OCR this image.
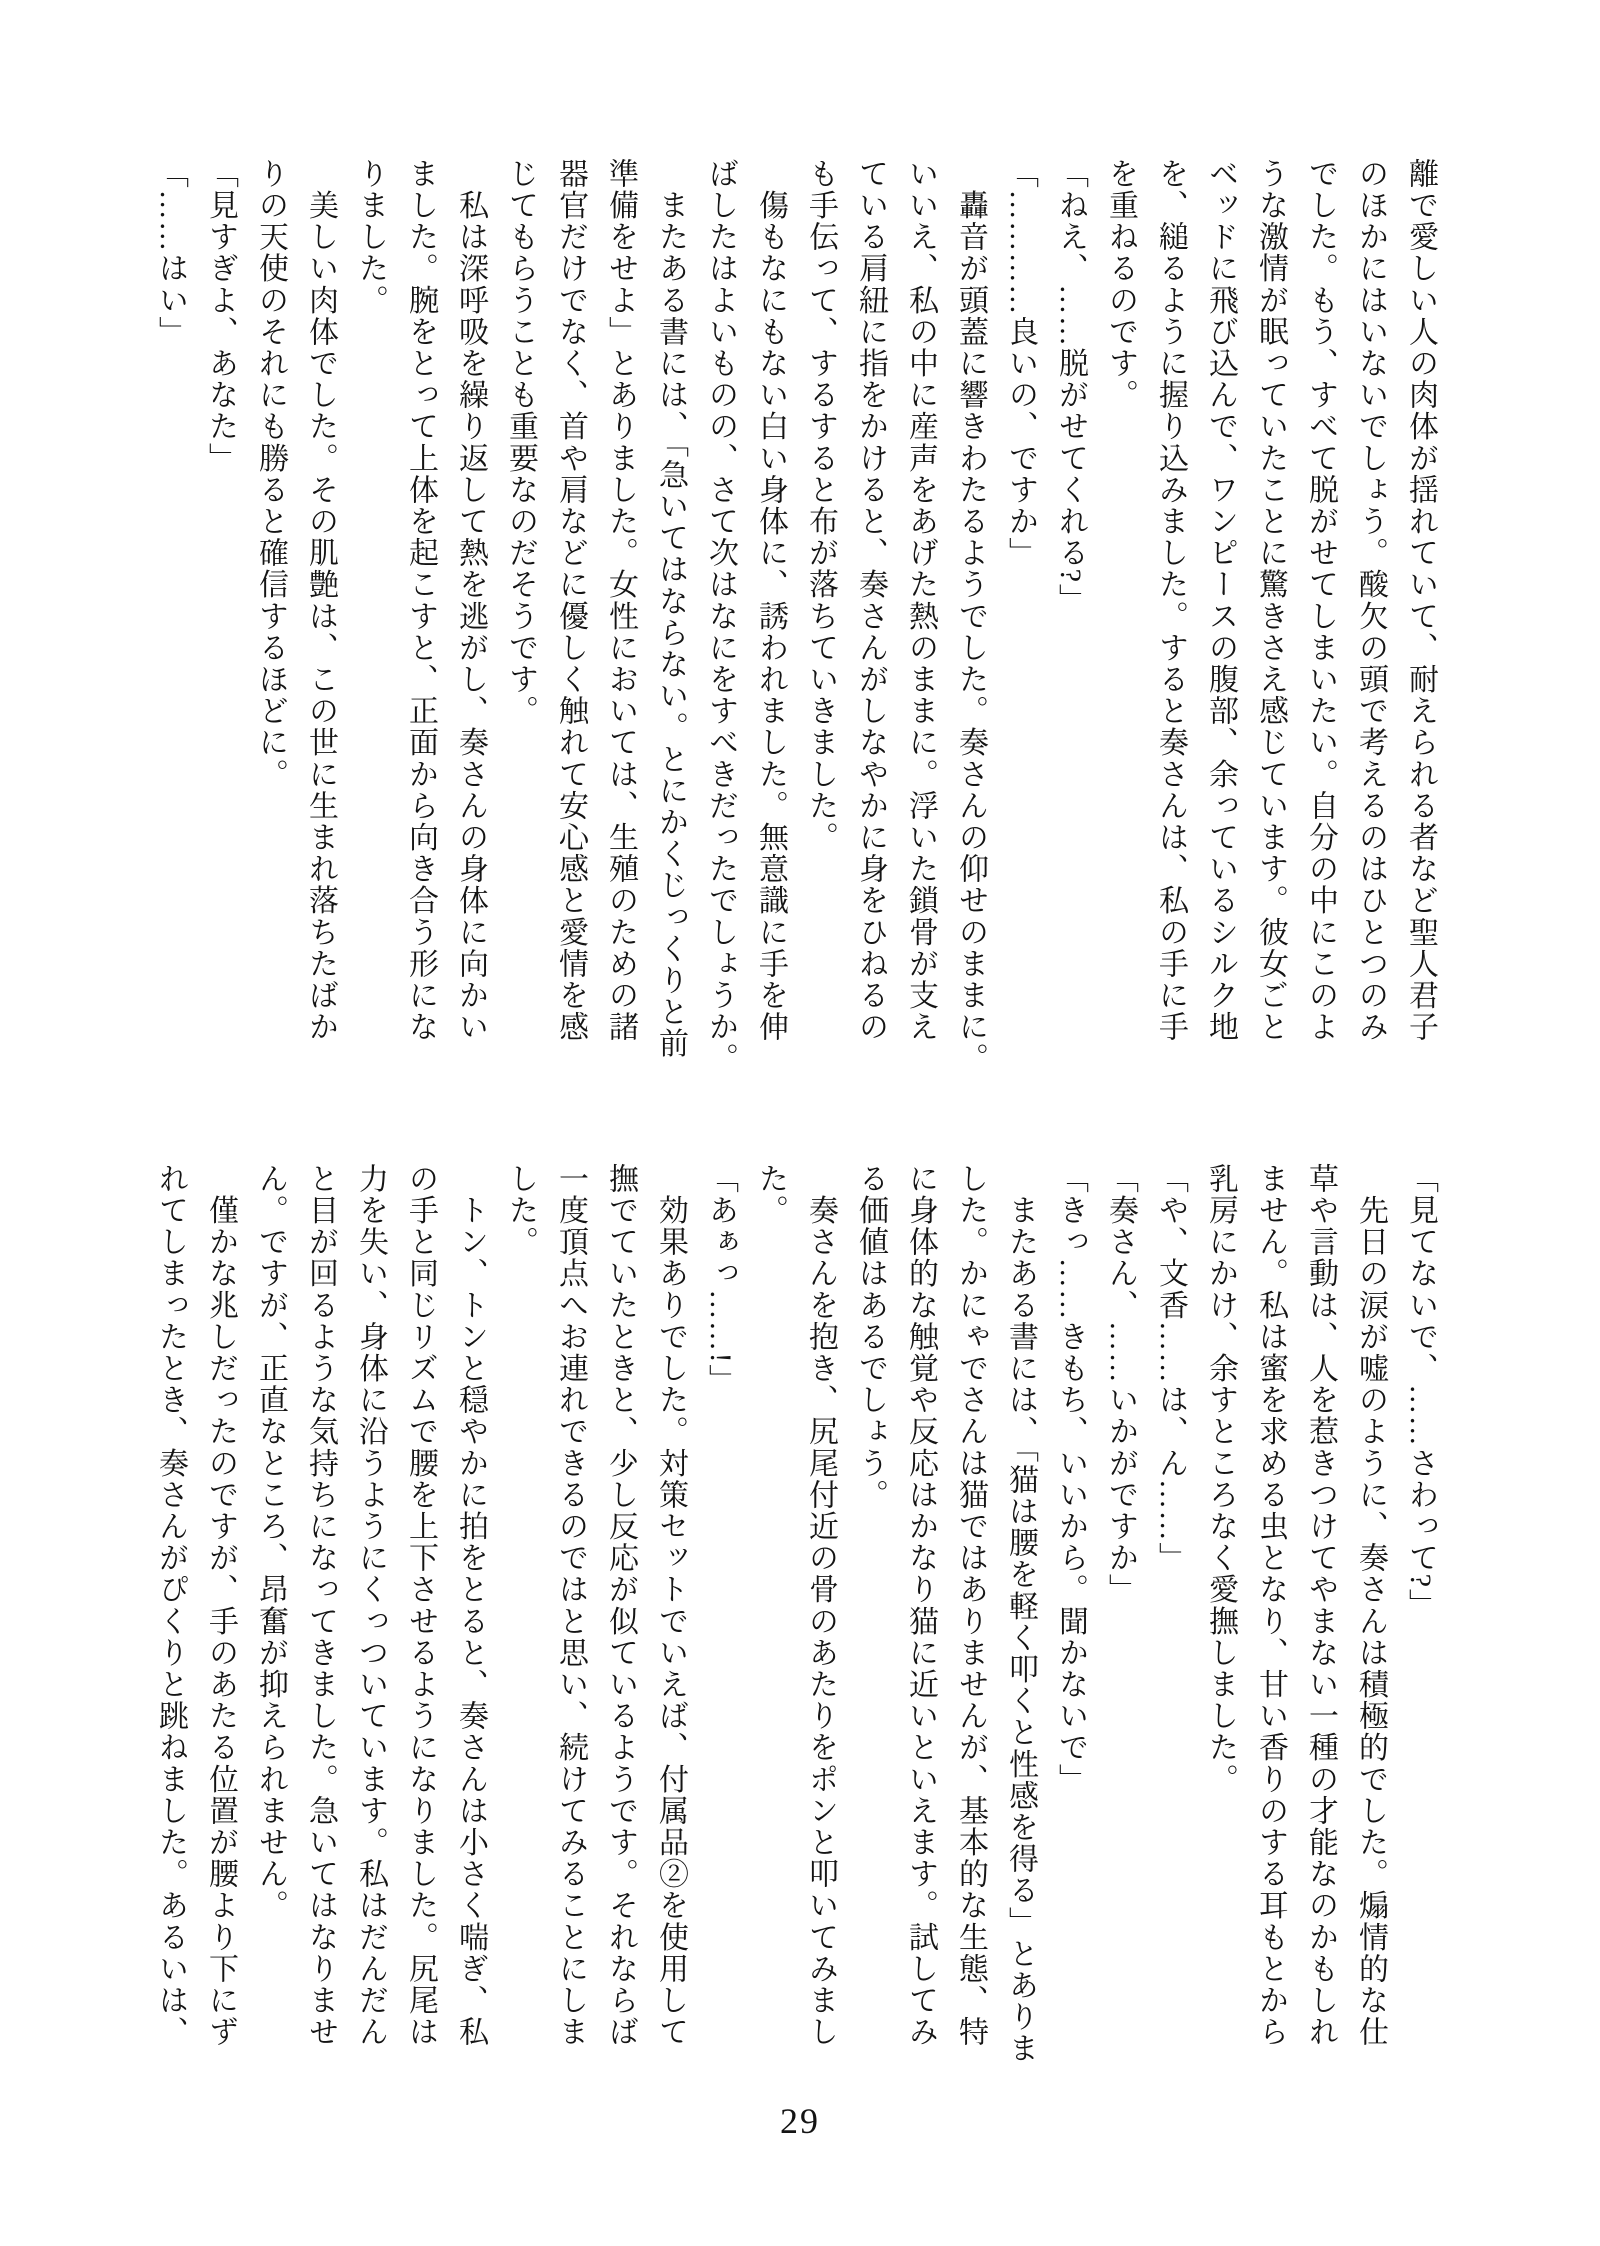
離で愛しい人の肉体が揺れていて、耐えられる者など聖人君子

のほかにはいないでしょう。酸欠の頭で考えるのはひとつのみ

でした。もう、すべて脱がせてしまいたい。自分の中にこのよ

うな激情が眠っていたことに驚きさえ感じています。彼女ごと

ベッドに飛び込んで、ワンピースの腹部、余っているシルク地

を、縋るように握り込みました。すると奏さんは、私の手に手

を重ねるのです。

「ねえ、……脱がせてくれる?」

「…………良いの、ですか」

　轟音が頭蓋に響きわたるようでした。奏さんの仰せのままに。

いいえ、私の中に産声をあげた熱のままに。浮いた鎖骨が支え

ている肩紐に指をかけると、奏さんがしなやかに身をひねるの

も手伝って、するすると布が落ちていきました。

　傷もなにもない白い身体に、誘われました。無意識に手を伸

ばしたはよいものの、さて次はなにをすべきだったでしょうか。

　またある書には、「急いてはならない。とにかくじっくりと前

準備をせよ」とありました。女性においては、生殖のための諸

器官だけでなく、首や肩などに優しく触れて安心感と愛情を感

じてもらうことも重要なのだそうです。

　私は深呼吸を繰り返して熱を逃がし、奏さんの身体に向かい

ました。腕をとって上体を起こすと、正面から向き合う形にな

りました。

　美しい肉体でした。その肌艶は、この世に生まれ落ちたばか

りの天使のそれにも勝ると確信するほどに。

「見すぎよ、あなた」

「……はい」

「見てないで、……さわって?」

　先日の涙が嘘のように、奏さんは積極的でした。煽情的な仕

草や言動は、人を惹きつけてやまない一種の才能なのかもしれ

ません。私は蜜を求める虫となり、甘い香りのする耳もとから

乳房にかけ、余すところなく愛撫しました。

「や、文香……は、ん……」

「奏さん、……いかがですか」

「きっ……きもち、いいから。聞かないで」

　またある書には、「猫は腰を軽く叩くと性感を得る」とありま

した。かにゃでさんは猫ではありませんが、基本的な生態、特

に身体的な触覚や反応はかなり猫に近いといえます。試してみ

る価値はあるでしょう。

　奏さんを抱き、尻尾付近の骨のあたりをポンと叩いてみまし

た。

「あぁっ……!」

　効果ありでした。対策セットでいえば、付属品②を使用して

撫でていたときと、少し反応が似ているようです。それならば

一度頂点へお連れできるのではと思い、続けてみることにしま

した。

　トン、トンと穏やかに拍をとると、奏さんは小さく喘ぎ、私

の手と同じリズムで腰を上下させるようになりました。尻尾は

力を失い、身体に沿うようにくっついています。私はだんだん

と目が回るような気持ちになってきました。急いてはなりませ

ん。ですが、正直なところ、昂奮が抑えられません。

　僅かな兆しだったのですが、手のあたる位置が腰より下にず

れてしまったとき、奏さんがぴくりと跳ねました。あるいは、

29
